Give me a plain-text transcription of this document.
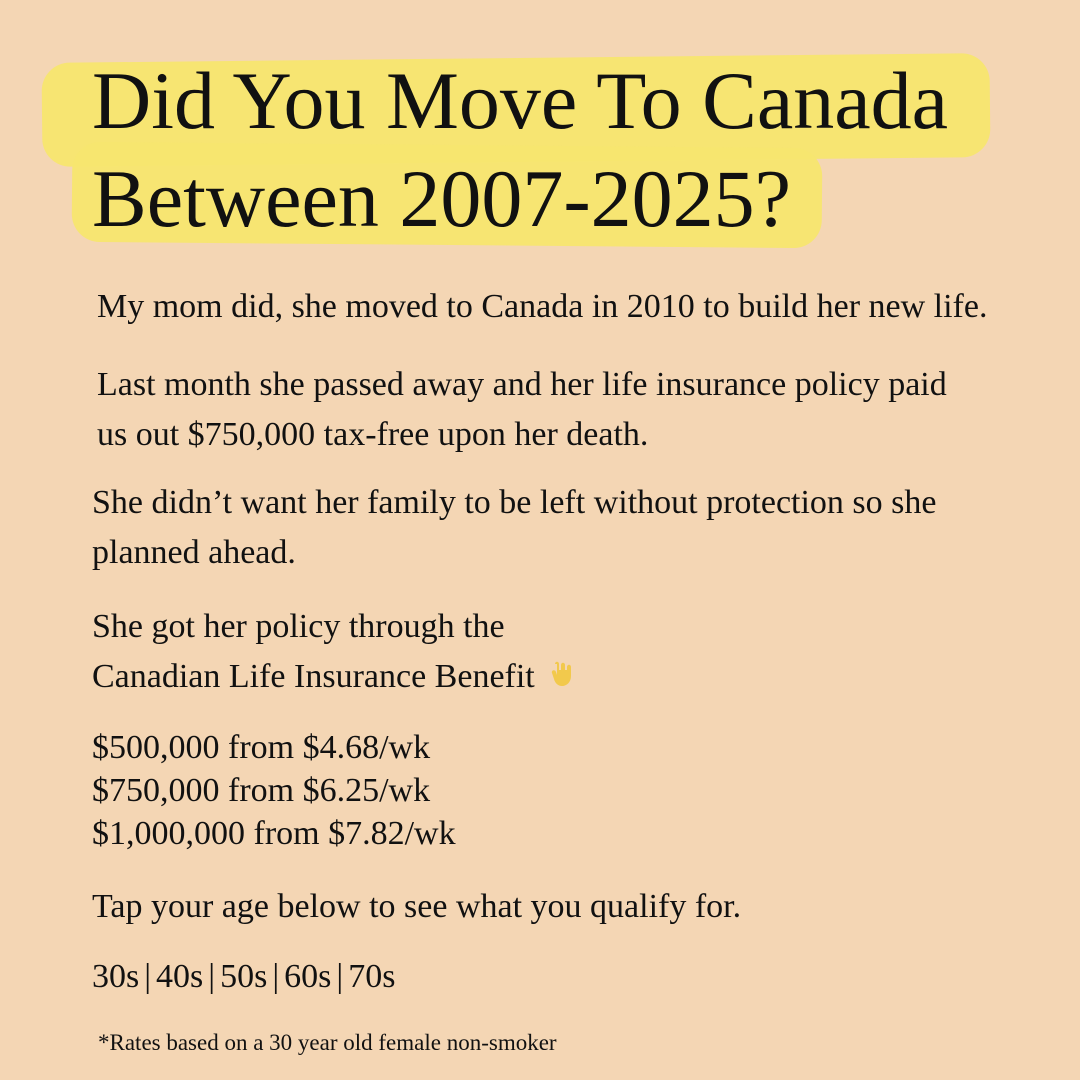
Did You Move To Canada
Between 2007-2025?

My mom did, she moved to Canada in 2010 to build her new life.

Last month she passed away and her life insurance policy paid

us out $750,000 tax-free upon her death.

She didn’t want her family to be left without protection so she

planned ahead.

She got her policy through the

Canadian Life Insurance Benefit

$500,000 from $4.68/wk
$750,000 from $6.25/wk
$1,000,000 from $7.82/wk

Tap your age below to see what you qualify for.

30s | 40s | 50s | 60s | 70s

*Rates based on a 30 year old female non-smoker
